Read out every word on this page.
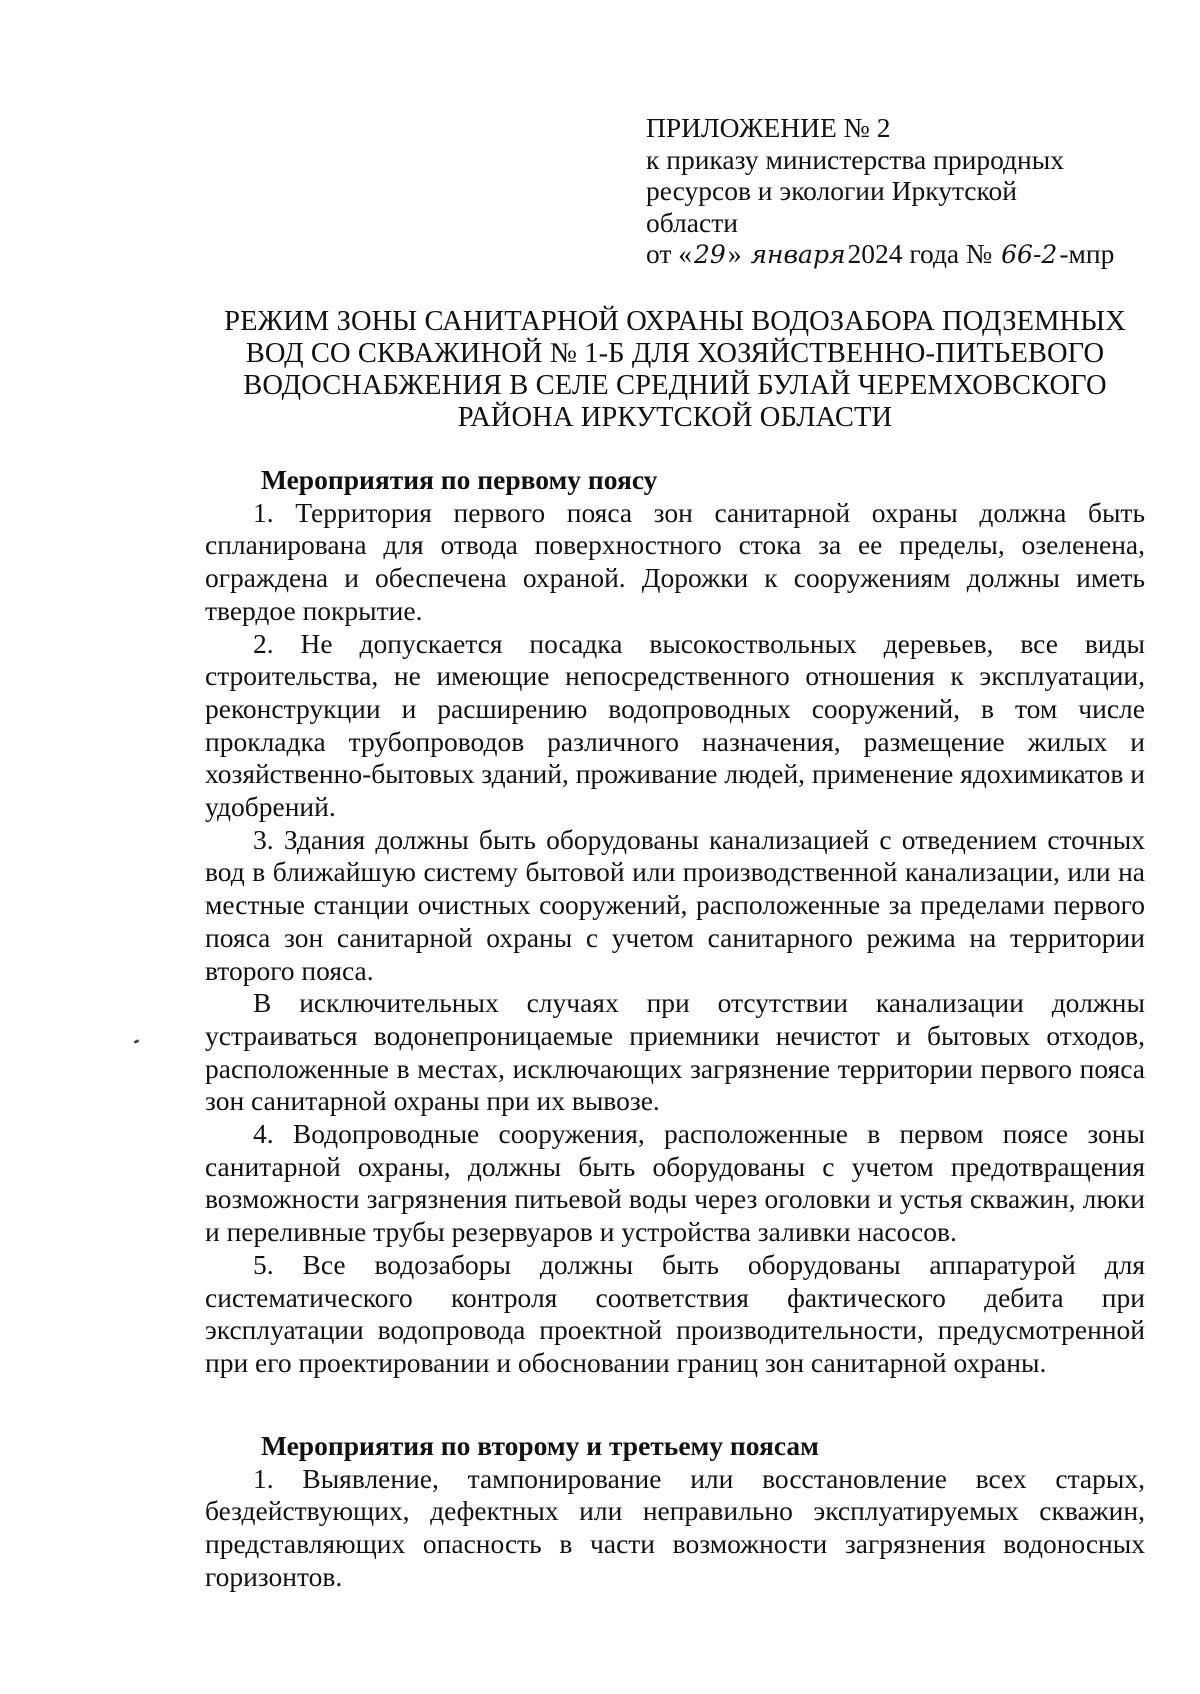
ПРИЛОЖЕНИЕ № 2
к приказу министерства природных
ресурсов и экологии Иркутской
области
от «29» января2024 года № 66-2-мпр
РЕЖИМ ЗОНЫ САНИТАРНОЙ ОХРАНЫ ВОДОЗАБОРА ПОДЗЕМНЫХ
ВОД СО СКВАЖИНОЙ № 1-Б ДЛЯ ХОЗЯЙСТВЕННО-ПИТЬЕВОГО
ВОДОСНАБЖЕНИЯ В СЕЛЕ СРЕДНИЙ БУЛАЙ ЧЕРЕМХОВСКОГО
РАЙОНА ИРКУТСКОЙ ОБЛАСТИ
Мероприятия по первому поясу

1. Территория первого пояса зон санитарной охраны должна быть спланирована для отвода поверхностного стока за ее пределы, озеленена, ограждена и обеспечена охраной. Дорожки к сооружениям должны иметь твердое покрытие.

2. Не допускается посадка высокоствольных деревьев, все виды строительства, не имеющие непосредственного отношения к эксплуатации, реконструкции и расширению водопроводных сооружений, в том числе прокладка трубопроводов различного назначения, размещение жилых и хозяйственно-бытовых зданий, проживание людей, применение ядохимикатов и удобрений.

3. Здания должны быть оборудованы канализацией с отведением сточных вод в ближайшую систему бытовой или производственной канализации, или на местные станции очистных сооружений, расположенные за пределами первого пояса зон санитарной охраны с учетом санитарного режима на территории второго пояса.

В исключительных случаях при отсутствии канализации должны устраиваться водонепроницаемые приемники нечистот и бытовых отходов, расположенные в местах, исключающих загрязнение территории первого пояса зон санитарной охраны при их вывозе.

4. Водопроводные сооружения, расположенные в первом поясе зоны санитарной охраны, должны быть оборудованы с учетом предотвращения возможности загрязнения питьевой воды через оголовки и устья скважин, люки и переливные трубы резервуаров и устройства заливки насосов.

5. Все водозаборы должны быть оборудованы аппаратурой для систематического контроля соответствия фактического дебита при эксплуатации водопровода проектной производительности, предусмотренной при его проектировании и обосновании границ зон санитарной охраны.

Мероприятия по второму и третьему поясам

1. Выявление, тампонирование или восстановление всех старых, бездействующих, дефектных или неправильно эксплуатируемых скважин, представляющих опасность в части возможности загрязнения водоносных горизонтов.
